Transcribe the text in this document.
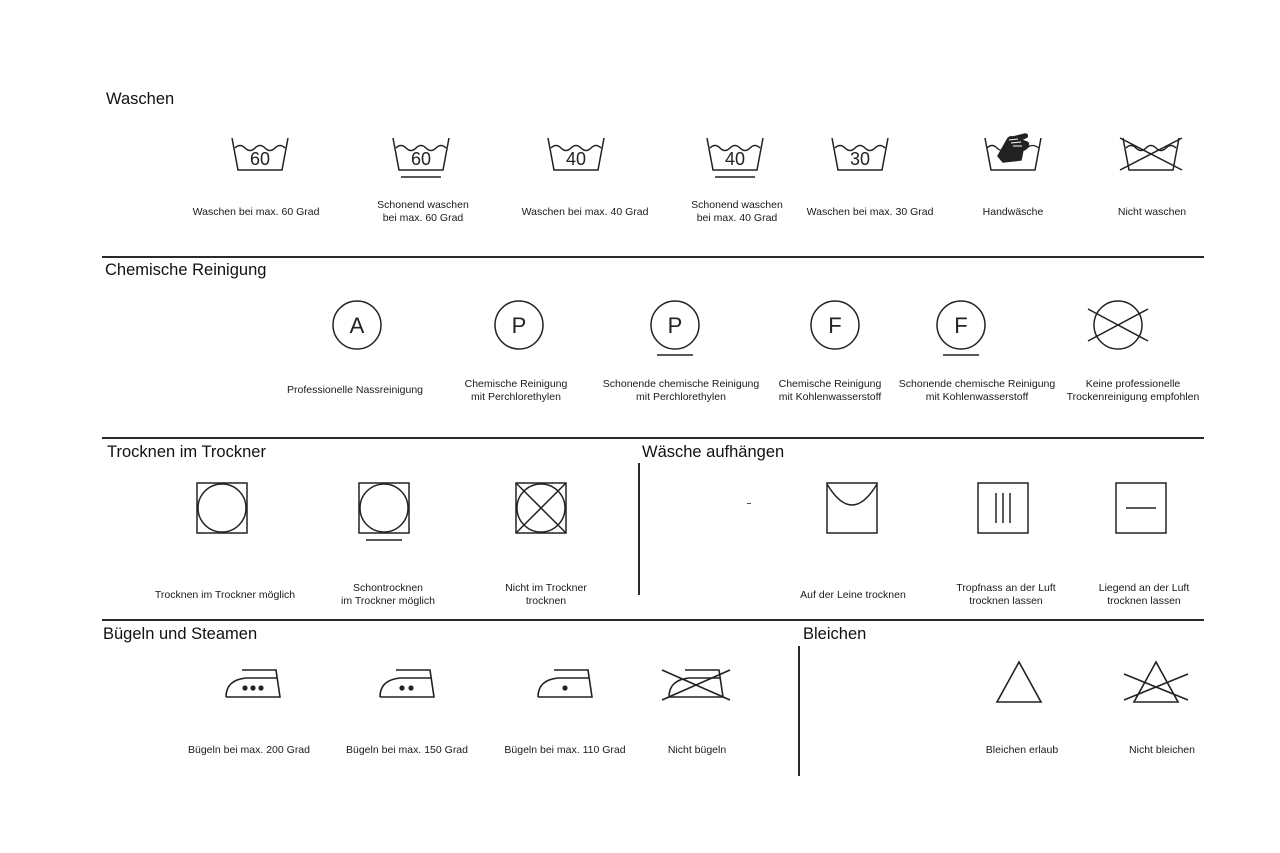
Waschen
Chemische Reinigung
Trocknen im Trockner	Wäsche aufhängen
Bügeln und Steamen	Bleichen
60
Waschen bei max. 60 Grad
60
Schonend waschen
bei max. 60 Grad
40
Waschen bei max. 40 Grad
40
Schonend waschen
bei max. 40 Grad
30
Waschen bei max. 30 Grad	Handwäsche	Nicht waschen
A
Professionelle Nassreinigung
P
Chemische Reinigung
mit Perchlorethylen
P
Schonende chemische Reinigung
mit Perchlorethylen
F
Chemische Reinigung
mit Kohlenwasserstoff
F
Schonende chemische Reinigung
mit Kohlenwasserstoff
Keine professionelle
Trockenreinigung empfohlen
Trocknen im Trockner möglich
Schontrocknen
im Trockner möglich
Nicht im Trockner
trocknen	Auf der Leine trocknen
Tropfnass an der Luft
trocknen lassen
Liegend an der Luft
trocknen lassen
Bügeln bei max. 200 Grad	Bügeln bei max. 150 Grad	Bügeln bei max. 110 Grad	Nicht bügeln	Bleichen erlaub	Nicht bleichen
